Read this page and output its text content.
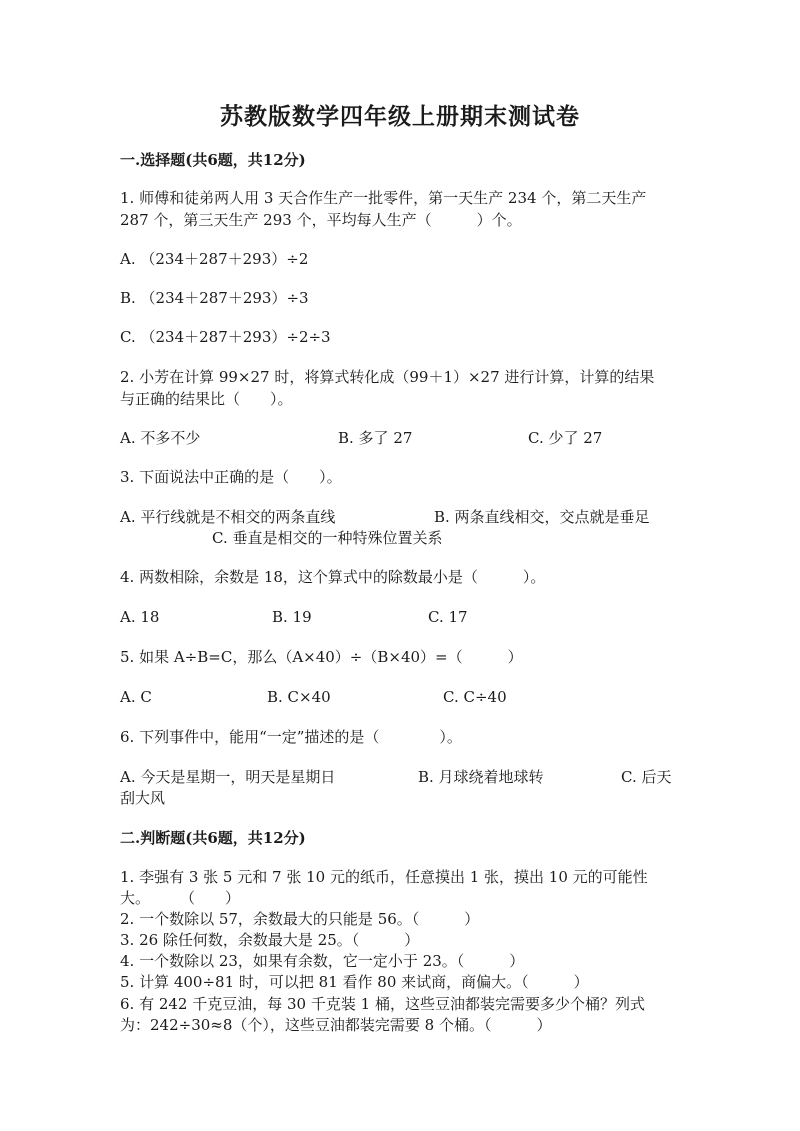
苏教版数学四年级上册期末测试卷
一.选择题(共6题，共12分)
1. 师傅和徒弟两人用 3 天合作生产一批零件，第一天生产 234 个，第二天生产
287 个，第三天生产 293 个，平均每人生产（　　　）个。
A. （234＋287＋293）÷2
B. （234＋287＋293）÷3
C. （234＋287＋293）÷2÷3
2. 小芳在计算 99×27 时，将算式转化成（99＋1）×27 进行计算，计算的结果
与正确的结果比（　　）。
A. 不多不少	B. 多了 27	C. 少了 27
3. 下面说法中正确的是（　　）。
A. 平行线就是不相交的两条直线	B. 两条直线相交，交点就是垂足
C. 垂直是相交的一种特殊位置关系
4. 两数相除，余数是 18，这个算式中的除数最小是（　　　）。
A. 18	B. 19	C. 17
5. 如果 A÷B=C，那么（A×40）÷（B×40）=（　　　）
A. C	B. C×40	C. C÷40
6. 下列事件中，能用“一定”描述的是（　　　　）。
A. 今天是星期一，明天是星期日	B. 月球绕着地球转	C. 后天
刮大风
二.判断题(共6题，共12分)
1. 李强有 3 张 5 元和 7 张 10 元的纸币，任意摸出 1 张，摸出 10 元的可能性
大。　　　（　　）
2. 一个数除以 57，余数最大的只能是 56。（　　　）
3. 26 除任何数，余数最大是 25。（　　　）
4. 一个数除以 23，如果有余数，它一定小于 23。（　　　）
5. 计算 400÷81 时，可以把 81 看作 80 来试商，商偏大。（　　　）
6. 有 242 千克豆油，每 30 千克装 1 桶，这些豆油都装完需要多少个桶？列式
为：242÷30≈8（个），这些豆油都装完需要 8 个桶。（　　　）
